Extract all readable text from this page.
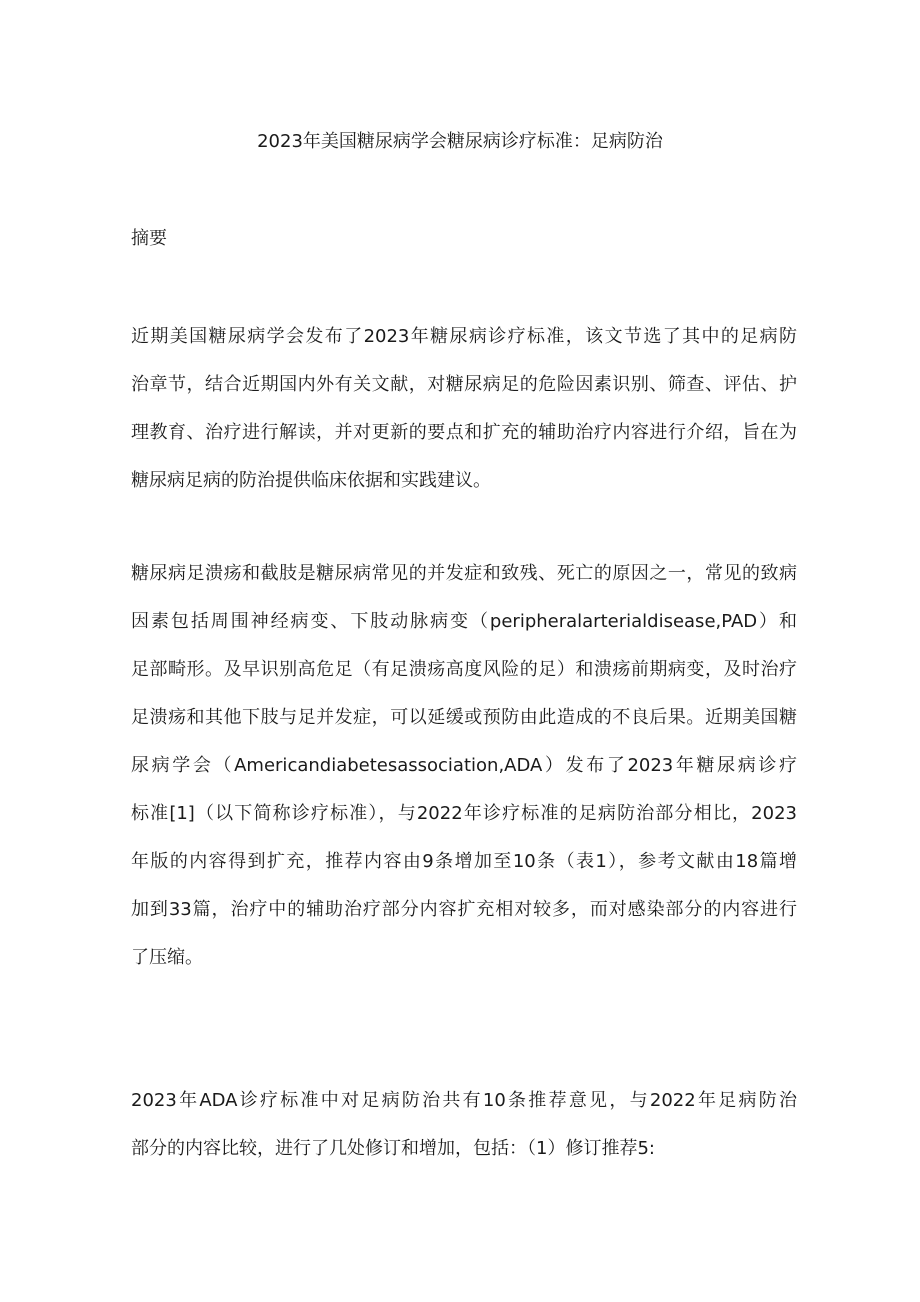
2023年美国糖尿病学会糖尿病诊疗标准：足病防治
摘要
近期美国糖尿病学会发布了2023年糖尿病诊疗标准，该文节选了其中的足病防
治章节，结合近期国内外有关文献，对糖尿病足的危险因素识别、筛查、评估、护
理教育、治疗进行解读，并对更新的要点和扩充的辅助治疗内容进行介绍，旨在为
糖尿病足病的防治提供临床依据和实践建议。
糖尿病足溃疡和截肢是糖尿病常见的并发症和致残、死亡的原因之一，常见的致病
因素包括周围神经病变、下肢动脉病变（peripheralarterialdisease,PAD）和
足部畸形。及早识别高危足（有足溃疡高度风险的足）和溃疡前期病变，及时治疗
足溃疡和其他下肢与足并发症，可以延缓或预防由此造成的不良后果。近期美国糖
尿病学会（Americandiabetesassociation,ADA）发布了2023年糖尿病诊疗
标准[1]（以下简称诊疗标准），与2022年诊疗标准的足病防治部分相比，2023
年版的内容得到扩充，推荐内容由9条增加至10条（表1），参考文献由18篇增
加到33篇，治疗中的辅助治疗部分内容扩充相对较多，而对感染部分的内容进行
了压缩。
2023年ADA诊疗标准中对足病防治共有10条推荐意见，与2022年足病防治
部分的内容比较，进行了几处修订和增加，包括：（1）修订推荐5:
